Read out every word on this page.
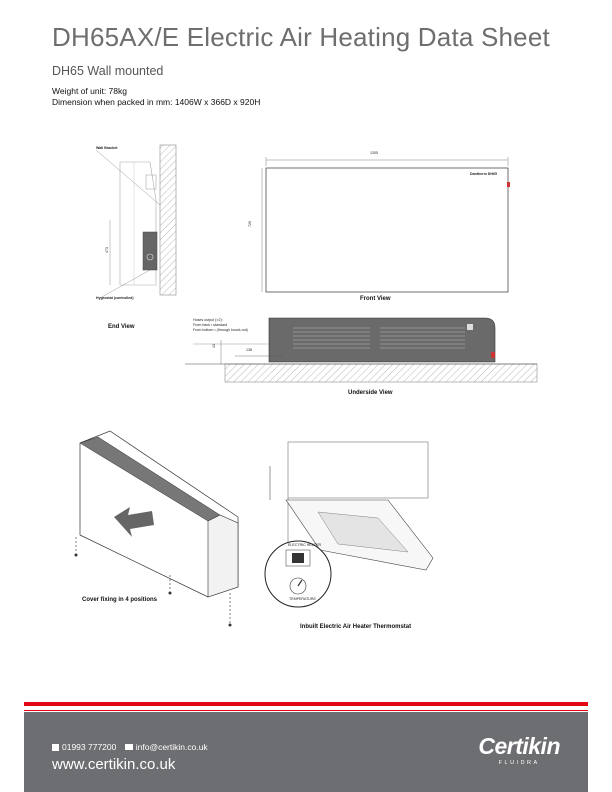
DH65AX/E Electric Air Heating Data Sheet
DH65 Wall mounted
Weight of unit: 78kg
Dimension when packed in mm: 1406W x 366D x 920H
Wall Bracket
Hygrostat (controlled)
473
End View
1305
720
Dantherm DH65
Front View
Hoses output (×2):
From back • standard
From bottom • (through knock-out)
43
138
Underside View
Cover fixing in 4 positions
ELECTRIC HEATER
TEMPERATURE
Inbuilt Electric Air Heater Thermomstat
01993 777200 info@certikin.co.uk
www.certikin.co.uk
Certikin
FLUIDRA
